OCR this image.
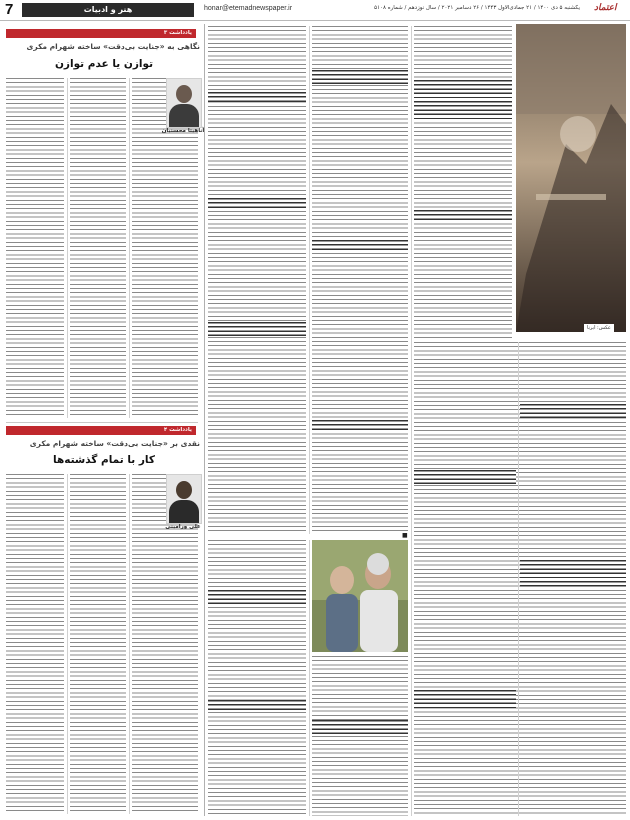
7	هنر و ادبیات	honar@etemadnewspaper.ir	یکشنبه ۵ دی ۱۴۰۰ / ۲۱ جمادی‌الاول ۱۴۴۳ / ۲۶ دسامبر ۲۰۲۱ / سال نوزدهم / شماره ۵۱۰۸ اعتماد
یادداشت ۳
نگاهی به «جنایت بی‌دقت» ساخته شهرام مکری
توازن یا عدم توازن
آناهیتا محسنیان
یادداشت ۴
نقدی بر «جنایت بی‌دقت» ساخته شهرام مکری
کار با تمام گذشته‌ها
علی ورامینی
عکس: ایرنا
■
